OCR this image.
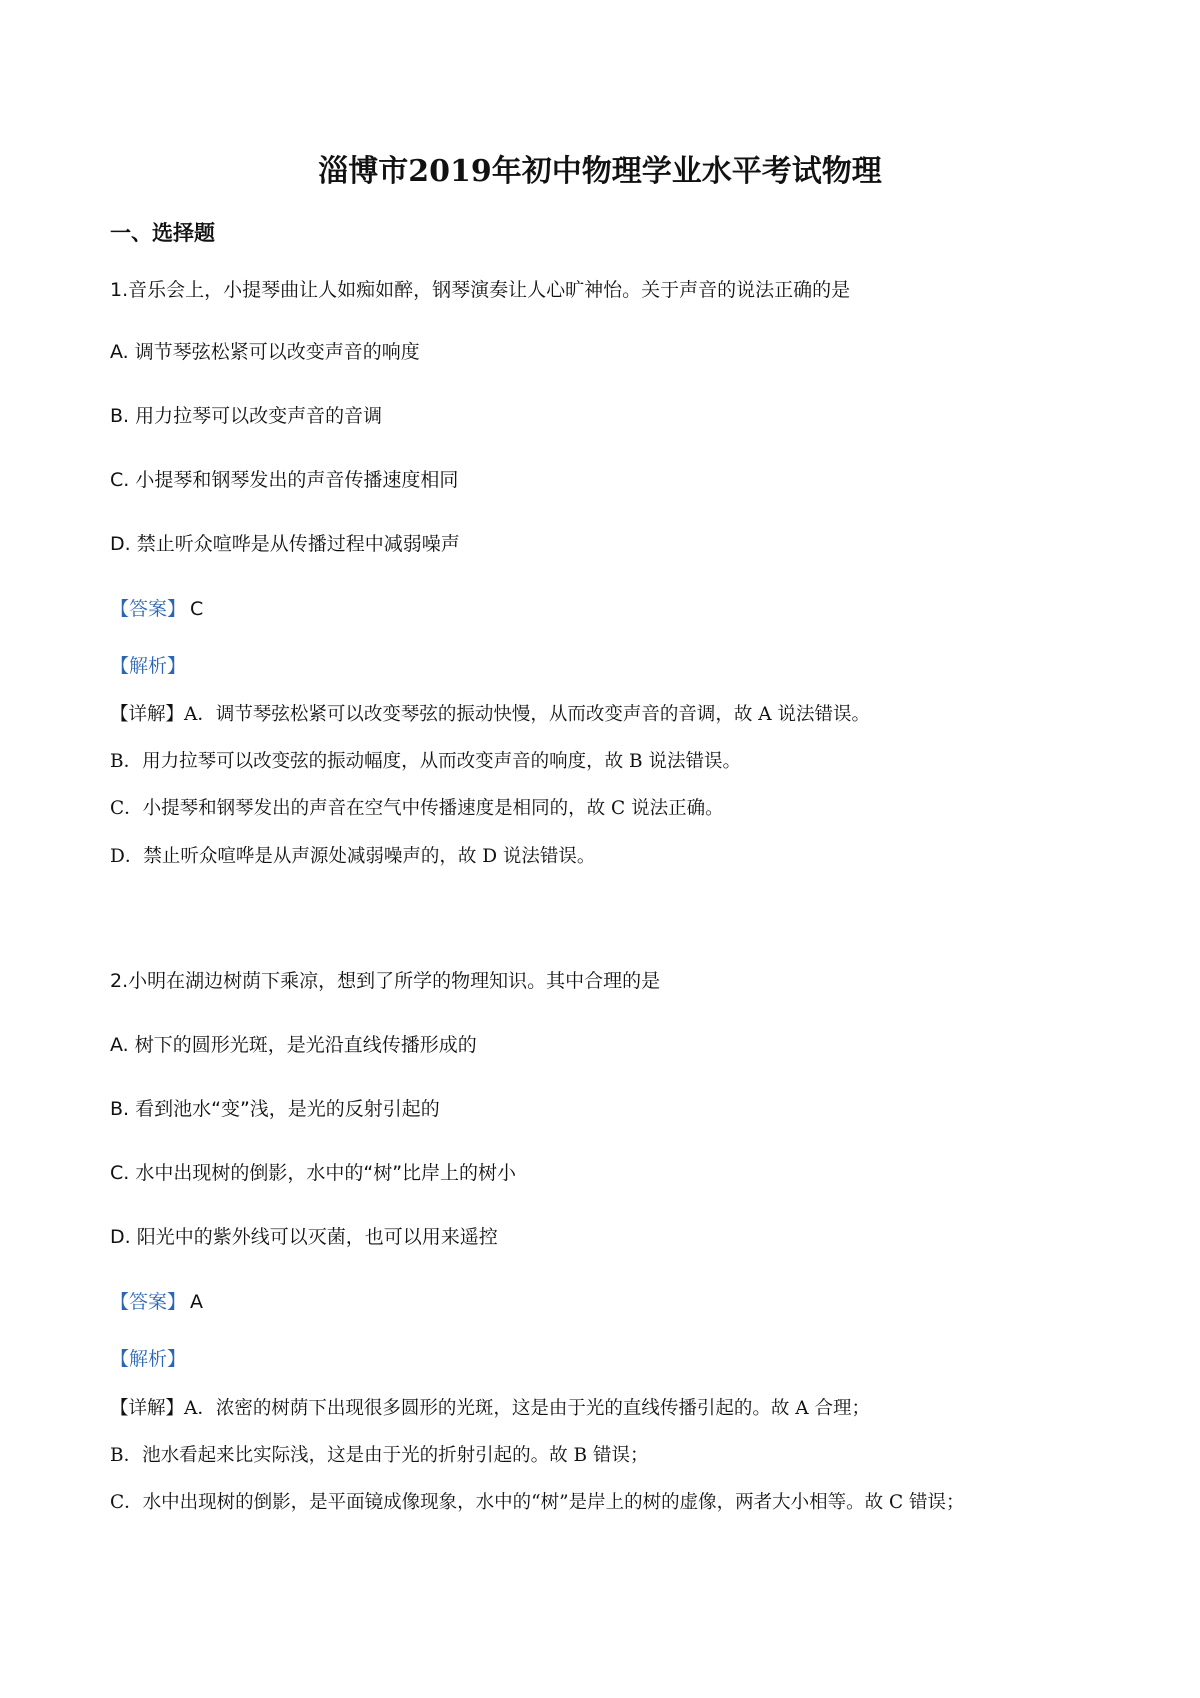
淄博市2019年初中物理学业水平考试物理
一、选择题
1.音乐会上，小提琴曲让人如痴如醉，钢琴演奏让人心旷神怡。关于声音的说法正确的是
A. 调节琴弦松紧可以改变声音的响度
B. 用力拉琴可以改变声音的音调
C. 小提琴和钢琴发出的声音传播速度相同
D. 禁止听众喧哗是从传播过程中减弱噪声
【答案】 C
【解析】
【详解】A．调节琴弦松紧可以改变琴弦的振动快慢，从而改变声音的音调，故 A 说法错误。
B．用力拉琴可以改变弦的振动幅度，从而改变声音的响度，故 B 说法错误。
C．小提琴和钢琴发出的声音在空气中传播速度是相同的，故 C 说法正确。
D．禁止听众喧哗是从声源处减弱噪声的，故 D 说法错误。
2.小明在湖边树荫下乘凉，想到了所学的物理知识。其中合理的是
A. 树下的圆形光斑，是光沿直线传播形成的
B. 看到池水“变”浅，是光的反射引起的
C. 水中出现树的倒影，水中的“树”比岸上的树小
D. 阳光中的紫外线可以灭菌，也可以用来遥控
【答案】 A
【解析】
【详解】A．浓密的树荫下出现很多圆形的光斑，这是由于光的直线传播引起的。故 A 合理；
B．池水看起来比实际浅，这是由于光的折射引起的。故 B 错误；
C．水中出现树的倒影，是平面镜成像现象，水中的“树”是岸上的树的虚像，两者大小相等。故 C 错误；
